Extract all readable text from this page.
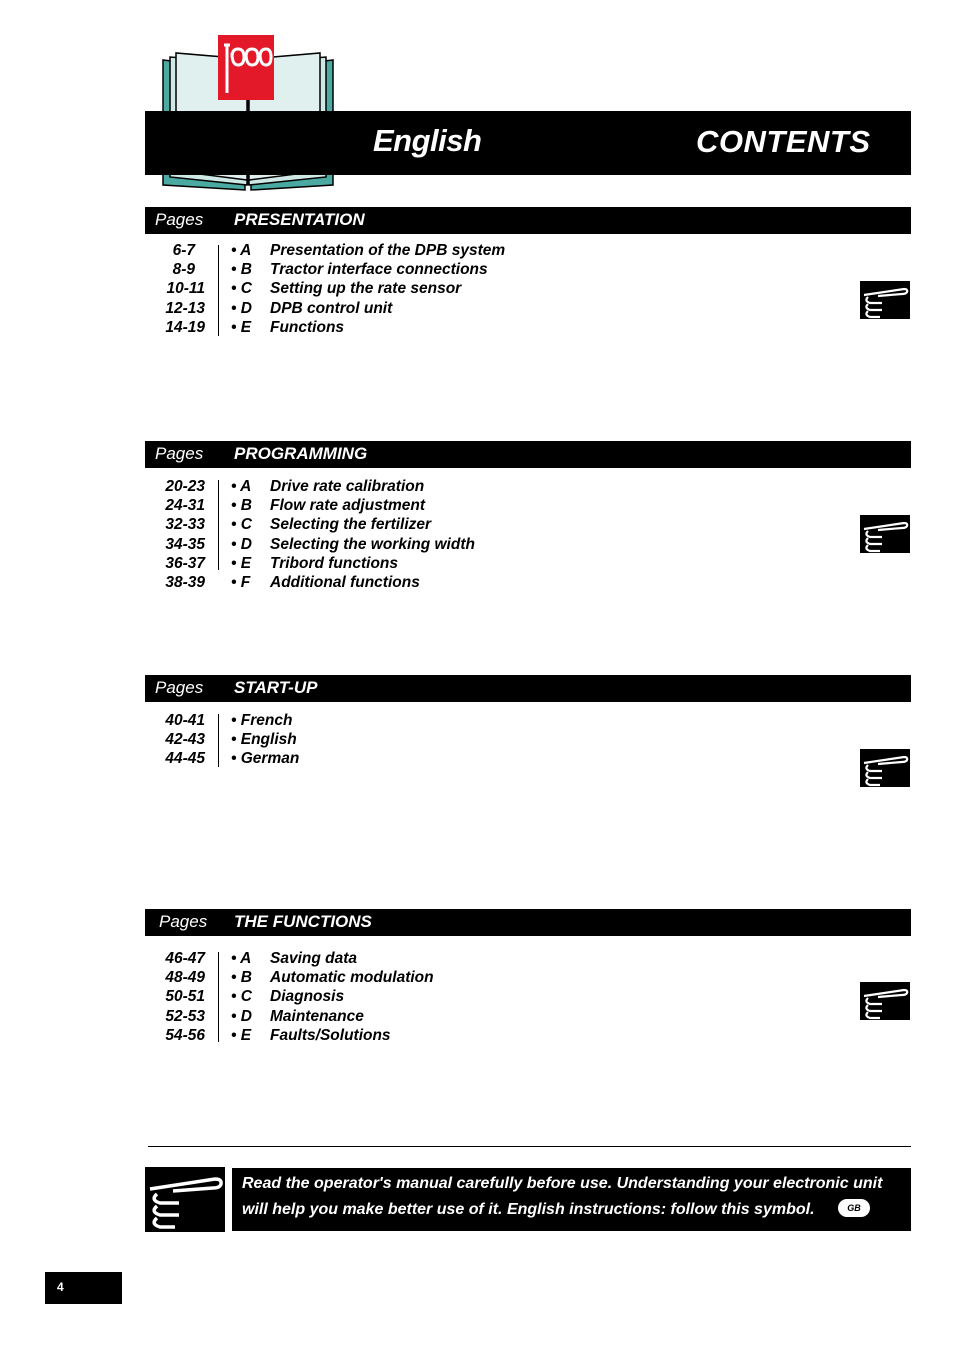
English	CONTENTS
Pages PRESENTATION
6-7 • A Presentation of the DPB system
8-9 • B Tractor interface connections
10-11 • C Setting up the rate sensor
12-13 • D DPB control unit
14-19 • E Functions
Pages PROGRAMMING
20-23 • A Drive rate calibration
24-31 • B Flow rate adjustment
32-33 • C Selecting the fertilizer
34-35 • D Selecting the working width
36-37 • E Tribord functions
38-39 • F Additional functions
Pages START-UP
40-41 • French
42-43 • English
44-45 • German
Pages THE FUNCTIONS
46-47 • A Saving data
48-49 • B Automatic modulation
50-51 • C Diagnosis
52-53 • D Maintenance
54-56 • E Faults/Solutions
Read the operator's manual carefully before use. Understanding your electronic unit
will help you make better use of it. English instructions: follow this symbol.	GB
4
